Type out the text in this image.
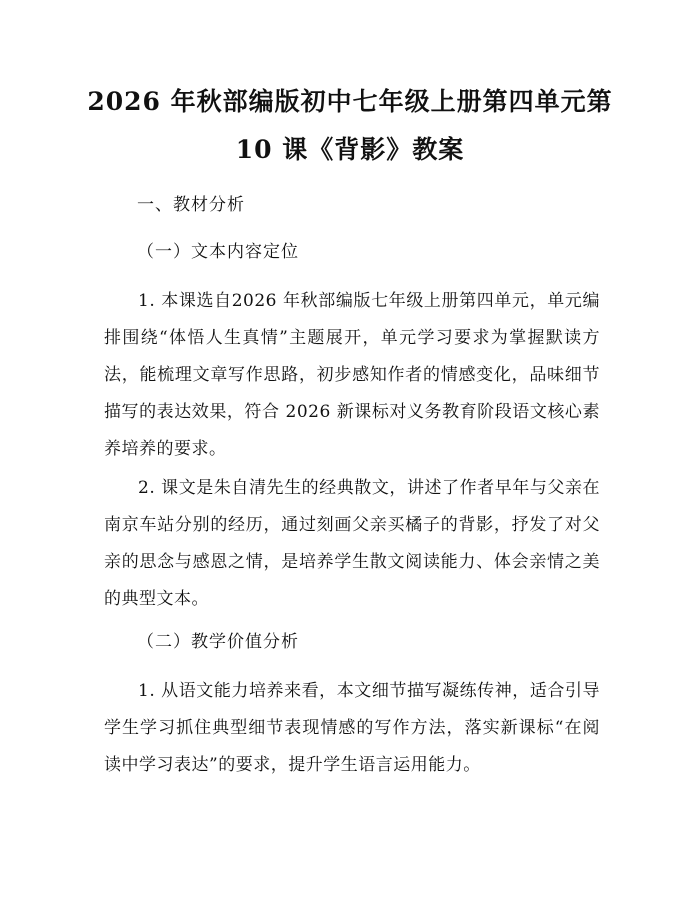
2026 年秋部编版初中七年级上册第四单元第
10 课《背影》教案
一、教材分析
（一）文本内容定位
1. 本课选自2026 年秋部编版七年级上册第四单元，单元编排围绕“体悟人生真情”主题展开，单元学习要求为掌握默读方法，能梳理文章写作思路，初步感知作者的情感变化，品味细节描写的表达效果，符合 2026 新课标对义务教育阶段语文核心素养培养的要求。
2. 课文是朱自清先生的经典散文，讲述了作者早年与父亲在南京车站分别的经历，通过刻画父亲买橘子的背影，抒发了对父亲的思念与感恩之情，是培养学生散文阅读能力、体会亲情之美的典型文本。
（二）教学价值分析
1. 从语文能力培养来看，本文细节描写凝练传神，适合引导学生学习抓住典型细节表现情感的写作方法，落实新课标“在阅读中学习表达”的要求，提升学生语言运用能力。
